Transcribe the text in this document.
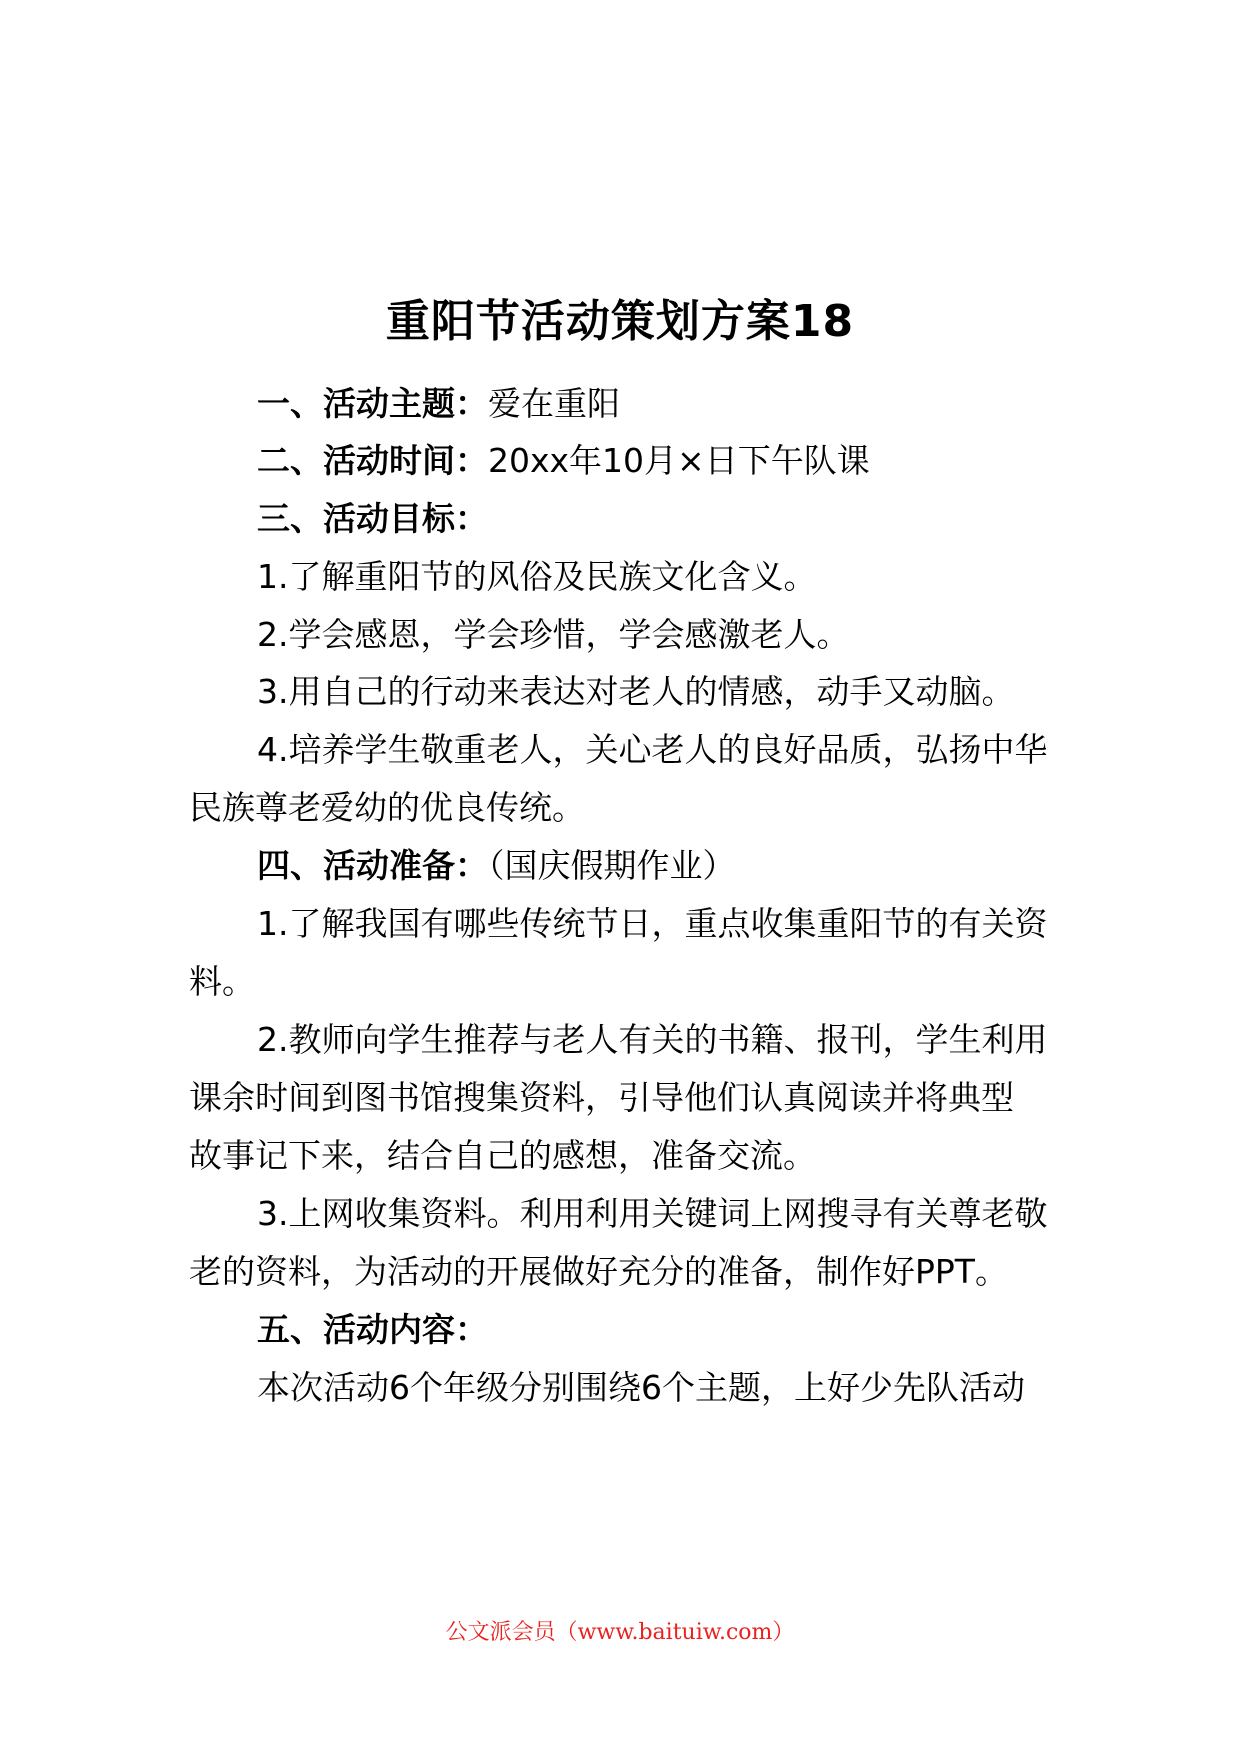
重阳节活动策划方案18
一、活动主题：爱在重阳
二、活动时间：20xx年10月×日下午队课
三、活动目标：
1.了解重阳节的风俗及民族文化含义。
2.学会感恩，学会珍惜，学会感激老人。
3.用自己的行动来表达对老人的情感，动手又动脑。
4.培养学生敬重老人，关心老人的良好品质，弘扬中华
民族尊老爱幼的优良传统。
四、活动准备：（国庆假期作业）
1.了解我国有哪些传统节日，重点收集重阳节的有关资
料。
2.教师向学生推荐与老人有关的书籍、报刊，学生利用
课余时间到图书馆搜集资料，引导他们认真阅读并将典型
故事记下来，结合自己的感想，准备交流。
3.上网收集资料。利用利用关键词上网搜寻有关尊老敬
老的资料，为活动的开展做好充分的准备，制作好PPT。
五、活动内容：
本次活动6个年级分别围绕6个主题，上好少先队活动
公文派会员（www.baituiw.com）
